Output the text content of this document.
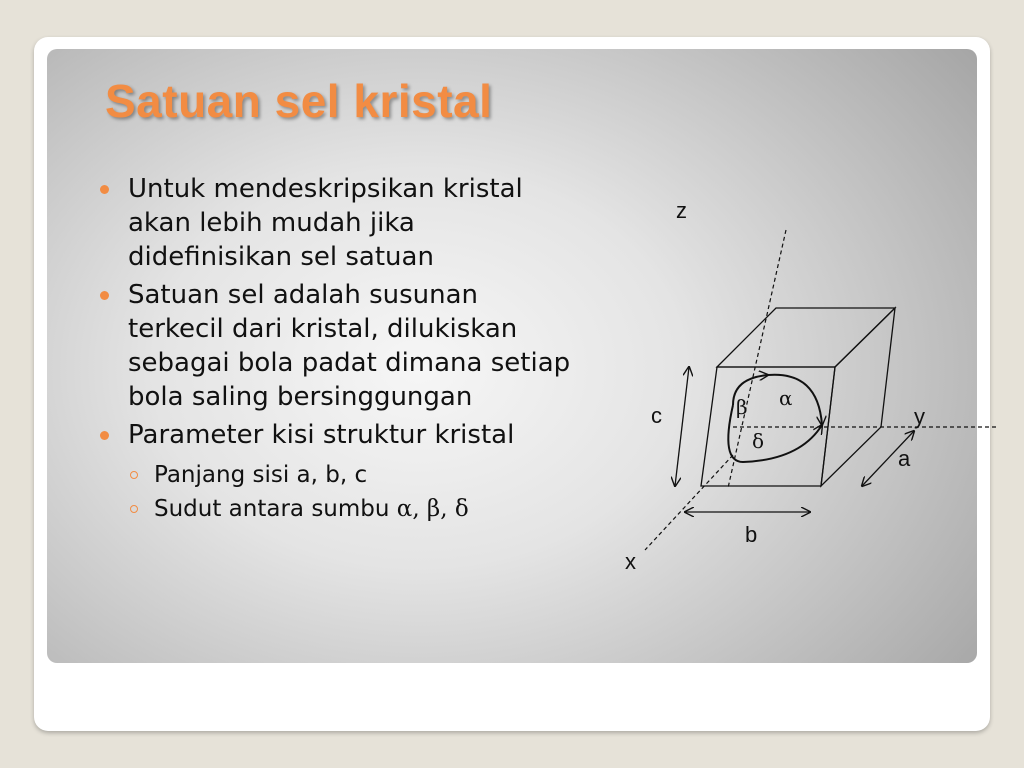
Satuan sel kristal
Untuk mendeskripsikan kristal akan lebih mudah jika didefinisikan sel satuan
Satuan sel adalah susunan terkecil dari kristal, dilukiskan sebagai bola padat dimana setiap bola saling bersinggungan
Parameter kisi struktur kristal
Panjang sisi a, b, c
Sudut antara sumbu α, β, δ
z
y
x
c
b
a
α
β
δ
